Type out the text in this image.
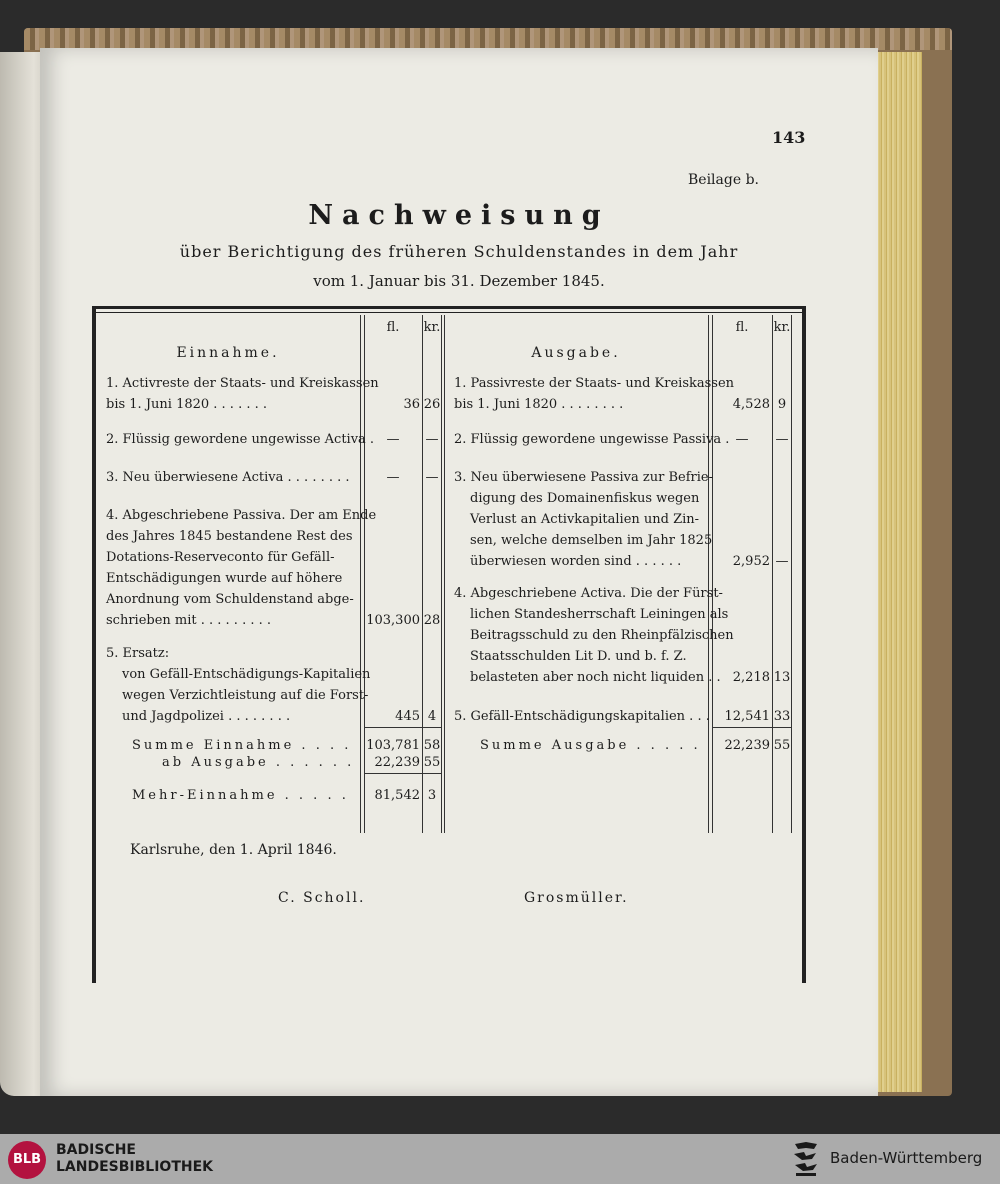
143
Beilage b.
Nachweisung
über Berichtigung des früheren Schuldenstandes in dem Jahr
vom 1. Januar bis 31. Dezember 1845.
fl.	kr.	fl.	kr.
Einnahme.	Ausgabe.
1. Activreste der Staats- und Kreiskassen
bis 1. Juni 1820 . . . . . . .	36 26
2. Flüssig gewordene ungewisse Activa . —	—
3. Neu überwiesene Activa . . . . . . . .	—	—
4. Abgeschriebene Passiva. Der am Ende
des Jahres 1845 bestandene Rest des
Dotations-Reserveconto für Gefäll-
Entschädigungen wurde auf höhere
Anordnung vom Schuldenstand abge-
schrieben mit . . . . . . . . .	103,300 28
5. Ersatz:
von Gefäll-Entschädigungs-Kapitalien
wegen Verzichtleistung auf die Forst-
und Jagdpolizei . . . . . . . .	445 4
Summe Einnahme . . . . 103,781 58
ab Ausgabe . . . . . .	22,239 55
Mehr-Einnahme . . . . .	81,542 3
1. Passivreste der Staats- und Kreiskassen
bis 1. Juni 1820 . . . . . . . .	4,528 9
2. Flüssig gewordene ungewisse Passiva . —	—
3. Neu überwiesene Passiva zur Befrie-
digung des Domainenfiskus wegen
Verlust an Activkapitalien und Zin-
sen, welche demselben im Jahr 1825
überwiesen worden sind . . . . . .	2,952 —
4. Abgeschriebene Activa. Die der Fürst-
lichen Standesherrschaft Leiningen als
Beitragsschuld zu den Rheinpfälzischen
Staatsschulden Lit D. und b. f. Z.
belasteten aber noch nicht liquiden . . 2,218 13
5. Gefäll-Entschädigungskapitalien . . .	12,541 33
Summe Ausgabe . . . . .	22,239 55
Karlsruhe, den 1. April 1846.
C. Scholl.	Grosmüller.
BLB
BADISCHE
LANDESBIBLIOTHEK	Baden-Württemberg
